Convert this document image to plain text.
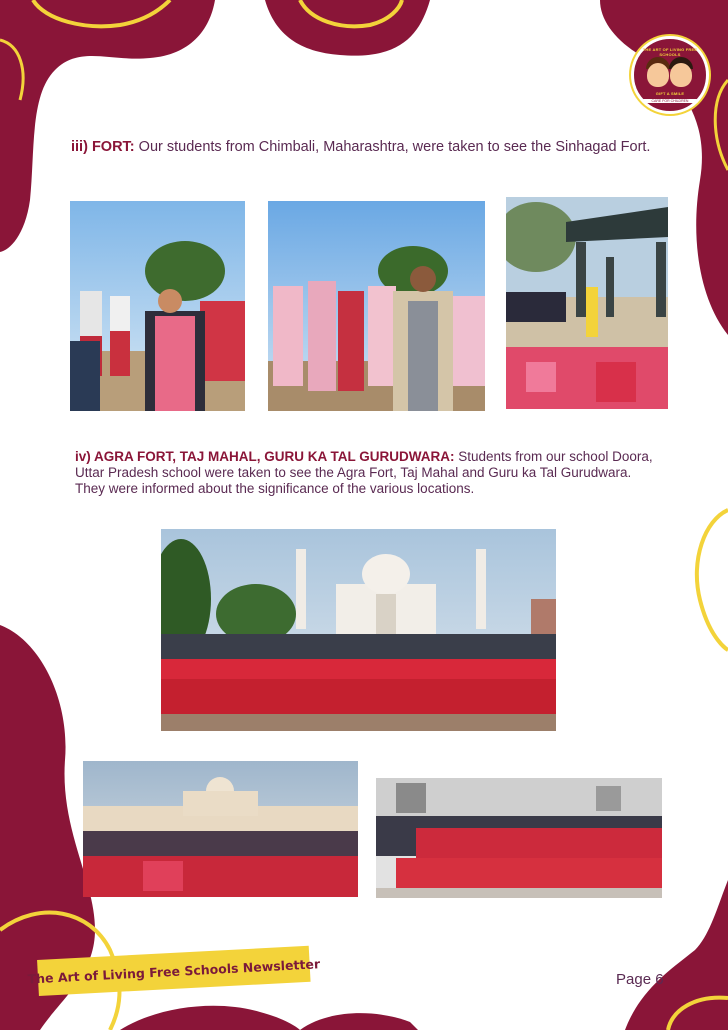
THE ART OF LIVING FREE SCHOOLS
GIFT A SMILE
CARE FOR CHILDREN
iii) FORT: Our students from Chimbali, Maharashtra, were taken to see the Sinhagad Fort.
iv) AGRA FORT, TAJ MAHAL, GURU KA TAL GURUDWARA: Students from our school Doora, Uttar Pradesh school were taken to see the Agra Fort, Taj Mahal and Guru ka Tal Gurudwara. They were informed about the significance of the various locations.
The Art of Living Free Schools Newsletter	Page 6
